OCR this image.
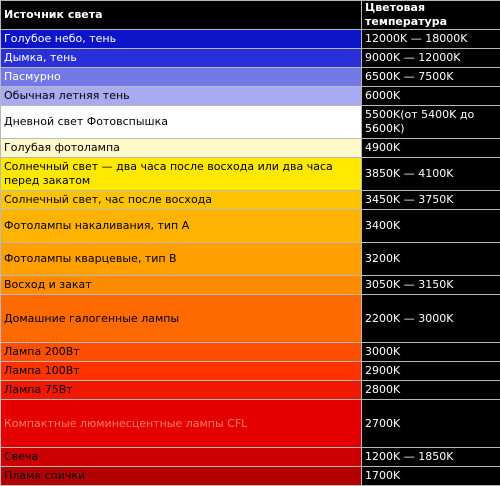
Источник света	Цветовая температура
Голубое небо, тень	12000K — 18000K
Дымка, тень	9000K — 12000K
Пасмурно	6500K — 7500K
Обычная летняя тень	6000K
Дневной свет Фотовспышка	5500K(от 5400K до 5600K)
Голубая фотолампа	4900K
Солнечный свет — два часа после восхода или два часа перед закатом	3850K — 4100K
Солнечный свет, час после восхода	3450K — 3750K
Фотолампы накаливания, тип А	3400K
Фотолампы кварцевые, тип В	3200K
Восход и закат	3050K — 3150K
Домашние галогенные лампы	2200K — 3000K
Лампа 200Вт	3000K
Лампа 100Вт	2900K
Лампа 75Вт	2800K
Компактные люминесцентные лампы CFL	2700K
Свеча	1200K — 1850K
Пламя спички	1700K
